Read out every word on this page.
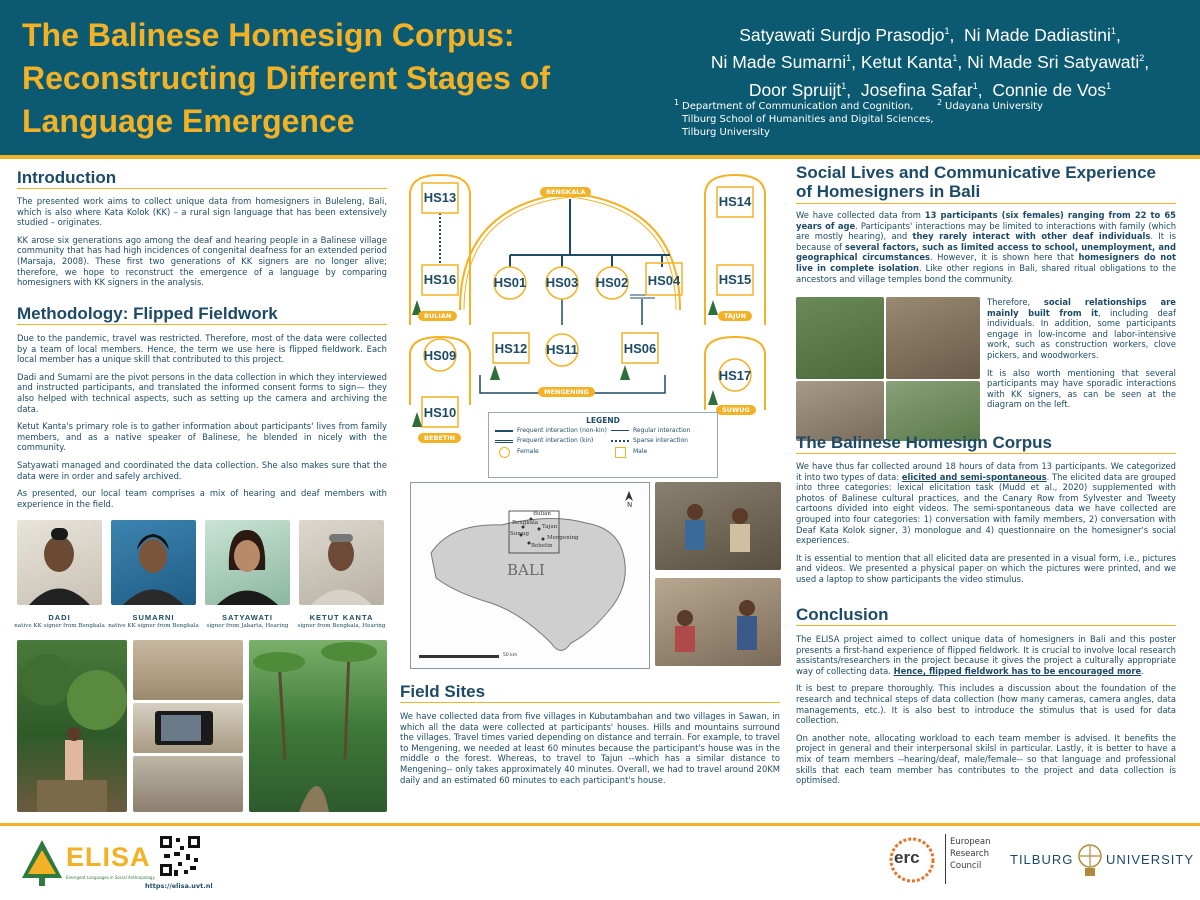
The Balinese Homesign Corpus: Reconstructing Different Stages of Language Emergence
Satyawati Surdjo Prasodjo$^1$,  Ni Made Dadiastini$^1$,
Ni Made Sumarni$^1$, Ketut Kanta$^1$, Ni Made Sri Satyawati$^2$,
Door Spruijt$^1$,  Josefina Safar$^1$,  Connie de Vos$^1$
1 Department of Communication and Cognition, Tilburg School of Humanities and Digital Sciences, Tilburg University
2 Udayana University
Introduction

The presented work aims to collect unique data from homesigners in Buleleng, Bali, which is also where Kata Kolok (KK) – a rural sign language that has been extensively studied – originates.

KK arose six generations ago among the deaf and hearing people in a Balinese village community that has had high incidences of congenital deafness for an extended period (Marsaja, 2008). These first two generations of KK signers are no longer alive; therefore, we hope to reconstruct the emergence of a language by comparing homesigners with KK signers in the analysis.

Methodology: Flipped Fieldwork

Due to the pandemic, travel was restricted. Therefore, most of the data were collected by a team of local members. Hence, the term we use here is flipped fieldwork. Each local member has a unique skill that contributed to this project.

Dadi and Sumarni are the pivot persons in the data collection in which they interviewed and instructed participants, and translated the informed consent forms to sign— they also helped with technical aspects, such as setting up the camera and archiving the data.

Ketut Kanta's primary role is to gather information about participants' lives from family members, and as a native speaker of Balinese, he blended in nicely with the community.

Satyawati managed and coordinated the data collection. She also makes sure that the data were in order and safely archived.

As presented, our local team comprises a mix of hearing and deaf members with experience in the field.

DADI
native KK signer from Bengkala
SUMARNI
native KK signer from Bengkala
SATYAWATI
signer from Jakarta, Hearing
KETUT KANTA
signer from Bengkala, Hearing
HS13
HS16
HS09
HS10
HS01 HS03 HS02 HS04
HS12	HS11	HS06
HS14
HS15
HS17
BENGKALA
BULIAN
BEBETIN
MENGENING
TAJUN
SUWUG
LEGEND
Frequent interaction (non-kin)
Frequent interaction (kin)
Female
Regular interaction
Sparse interaction
Male
N
BALI
Bulian
Bengkala
Tajun
Suwug
Mengening
Bebetin
50 km
Field Sites

We have collected data from five villages in Kubutambahan and two villages in Sawan, in which all the data were collected at participants' houses. Hills and mountains surround the villages. Travel times varied depending on distance and terrain. For example, to travel to Mengening, we needed at least 60 minutes because the participant's house was in the middle o the forest. Whereas, to travel to Tajun --which has a similar distance to Mengening-- only takes approximately 40 minutes. Overall, we had to travel around 20KM daily and an estimated 60 minutes to each participant's house.

Social Lives and Communicative Experience of Homesigners in Bali

We have collected data from 13 participants (six females) ranging from 22 to 65 years of age. Participants' interactions may be limited to interactions with family (which are mostly hearing), and they rarely interact with other deaf individuals. It is because of several factors, such as limited access to school, unemployment, and geographical circumstances. However, it is shown here that homesigners do not live in complete isolation. Like other regions in Bali, shared ritual obligations to the ancestors and village temples bond the community.

Therefore, social relationships are mainly built from it, including deaf individuals. In addition, some participants engage in low-income and labor-intensive work, such as construction workers, clove pickers, and woodworkers.

It is also worth mentioning that several participants may have sporadic interactions with KK signers, as can be seen at the diagram on the left.

The Balinese Homesign Corpus

We have thus far collected around 18 hours of data from 13 participants. We categorized it into two types of data: elicited and semi-spontaneous. The elicited data are grouped into three categories: lexical elicitation task (Mudd et al., 2020) supplemented with photos of Balinese cultural practices, and the Canary Row from Sylvester and Tweety cartoons divided into eight videos. The semi-spontaneous data we have collected are grouped into four categories: 1) conversation with family members, 2) conversation with Deaf Kata Kolok signer, 3) monologue and 4) questionnaire on the homesigner's social experiences.

It is essential to mention that all elicited data are presented in a visual form, i.e., pictures and videos. We presented a physical paper on which the pictures were printed, and we used a laptop to show participants the video stimulus.

Conclusion

The ELISA project aimed to collect unique data of homesigners in Bali and this poster presents a first-hand experience of flipped fieldwork. It is crucial to involve local research assistants/researchers in the project because it gives the project a culturally appropriate way of collecting data. Hence, flipped fieldwork has to be encouraged more.

It is best to prepare thoroughly. This includes a discussion about the foundation of the research and technical steps of data collection (how many cameras, camera angles, data managements, etc.). It is also best to introduce the stimulus that is used for data collection.

On another note, allocating workload to each team member is advised. It benefits the project in general and their interpersonal skilsl in particular. Lastly, it is better to have a mix of team members --hearing/deaf, male/female-- so that language and professional skills that each team member has contributes to the project and data collection is optimised.

ELISA
Emergent Languages in Social Anthropology
https://elisa.uvt.nl
erc
European
Research
Council	TILBURG	UNIVERSITY
